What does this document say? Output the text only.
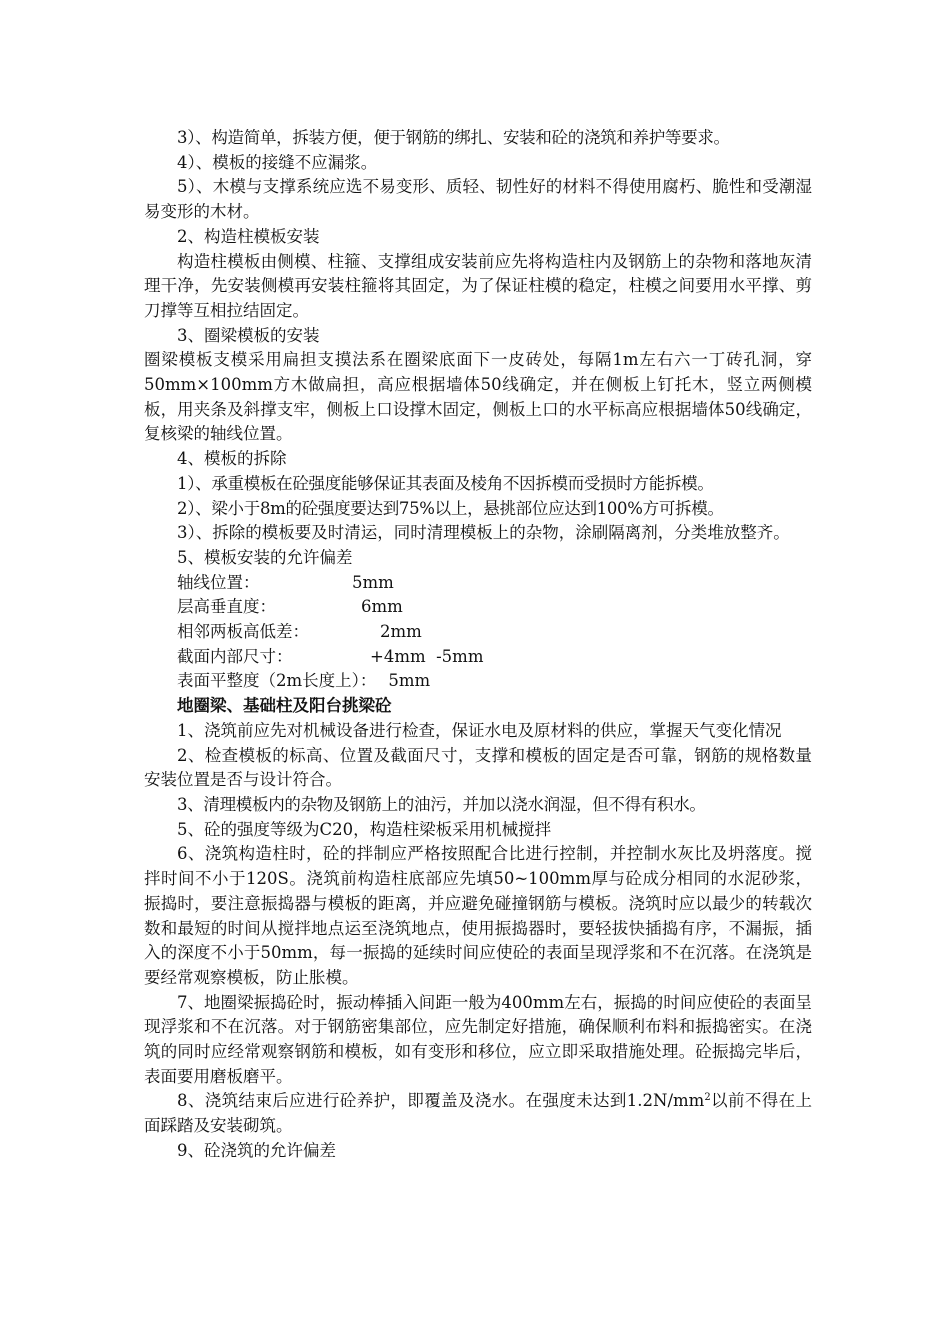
3）、构造简单，拆装方便，便于钢筋的绑扎、安装和砼的浇筑和养护等要求。

4）、模板的接缝不应漏浆。

5）、木模与支撑系统应选不易变形、质轻、韧性好的材料不得使用腐朽、脆性和受潮湿易变形的木材。

2、构造柱模板安装

构造柱模板由侧模、柱箍、支撑组成安装前应先将构造柱内及钢筋上的杂物和落地灰清理干净，先安装侧模再安装柱箍将其固定，为了保证柱模的稳定，柱模之间要用水平撑、剪刀撑等互相拉结固定。

3、圈梁模板的安装

圈梁模板支模采用扁担支摸法系在圈梁底面下一皮砖处，每隔1m左右六一丁砖孔洞，穿50mm×100mm方木做扁担，高应根据墙体50线确定，并在侧板上钉托木，竖立两侧模板，用夹条及斜撑支牢，侧板上口设撑木固定，侧板上口的水平标高应根据墙体50线确定，复核梁的轴线位置。

4、模板的拆除

1）、承重模板在砼强度能够保证其表面及棱角不因拆模而受损时方能拆模。

2）、梁小于8m的砼强度要达到75%以上，悬挑部位应达到100%方可拆模。

3）、拆除的模板要及时清运，同时清理模板上的杂物，涂刷隔离剂，分类堆放整齐。

5、模板安装的允许偏差

轴线位置：	5mm

层高垂直度：	6mm

相邻两板高低差：	2mm

截面内部尺寸：	+4mm  -5mm

表面平整度（2m长度上）： 5mm

地圈梁、基础柱及阳台挑梁砼

1、浇筑前应先对机械设备进行检查，保证水电及原材料的供应，掌握天气变化情况

2、检查模板的标高、位置及截面尺寸，支撑和模板的固定是否可靠，钢筋的规格数量安装位置是否与设计符合。

3、清理模板内的杂物及钢筋上的油污，并加以浇水润湿，但不得有积水。

5、砼的强度等级为C20，构造柱梁板采用机械搅拌

6、浇筑构造柱时，砼的拌制应严格按照配合比进行控制，并控制水灰比及坍落度。搅拌时间不小于120S。浇筑前构造柱底部应先填50~100mm厚与砼成分相同的水泥砂浆，振捣时，要注意振捣器与模板的距离，并应避免碰撞钢筋与模板。浇筑时应以最少的转载次数和最短的时间从搅拌地点运至浇筑地点，使用振捣器时，要轻拔快插捣有序，不漏振，插入的深度不小于50mm，每一振捣的延续时间应使砼的表面呈现浮浆和不在沉落。在浇筑是要经常观察模板，防止胀模。

7、地圈梁振捣砼时，振动棒插入间距一般为400mm左右，振捣的时间应使砼的表面呈现浮浆和不在沉落。对于钢筋密集部位，应先制定好措施，确保顺利布料和振捣密实。在浇筑的同时应经常观察钢筋和模板，如有变形和移位，应立即采取措施处理。砼振捣完毕后，表面要用磨板磨平。

8、浇筑结束后应进行砼养护，即覆盖及浇水。在强度未达到$1.2N/mm^2$以前不得在上面踩踏及安装砌筑。

9、砼浇筑的允许偏差
